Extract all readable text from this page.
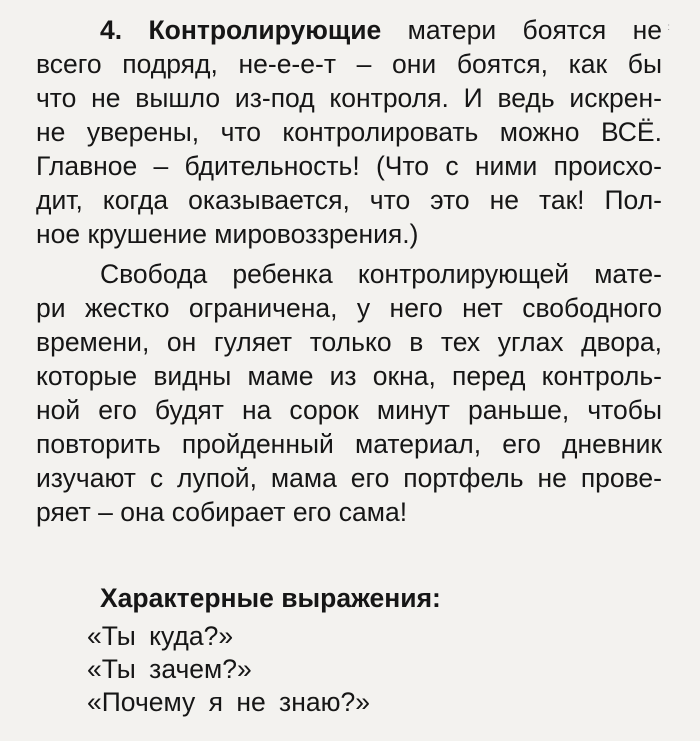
:
4. Контролирующие матери боятся не
всего подряд, не-е-е-т – они боятся, как бы
что не вышло из-под контроля. И ведь искрен-
не уверены, что контролировать можно ВСЁ.
Главное – бдительность! (Что с ними происхо-
дит, когда оказывается, что это не так! Пол-
ное крушение мировоззрения.)
Свобода ребенка контролирующей мате-
ри жестко ограничена, у него нет свободного
времени, он гуляет только в тех углах двора,
которые видны маме из окна, перед контроль-
ной его будят на сорок минут раньше, чтобы
повторить пройденный материал, его дневник
изучают с лупой, мама его портфель не прове-
ряет – она собирает его сама!
Характерные выражения:
«Ты куда?»
«Ты зачем?»
«Почему я не знаю?»
